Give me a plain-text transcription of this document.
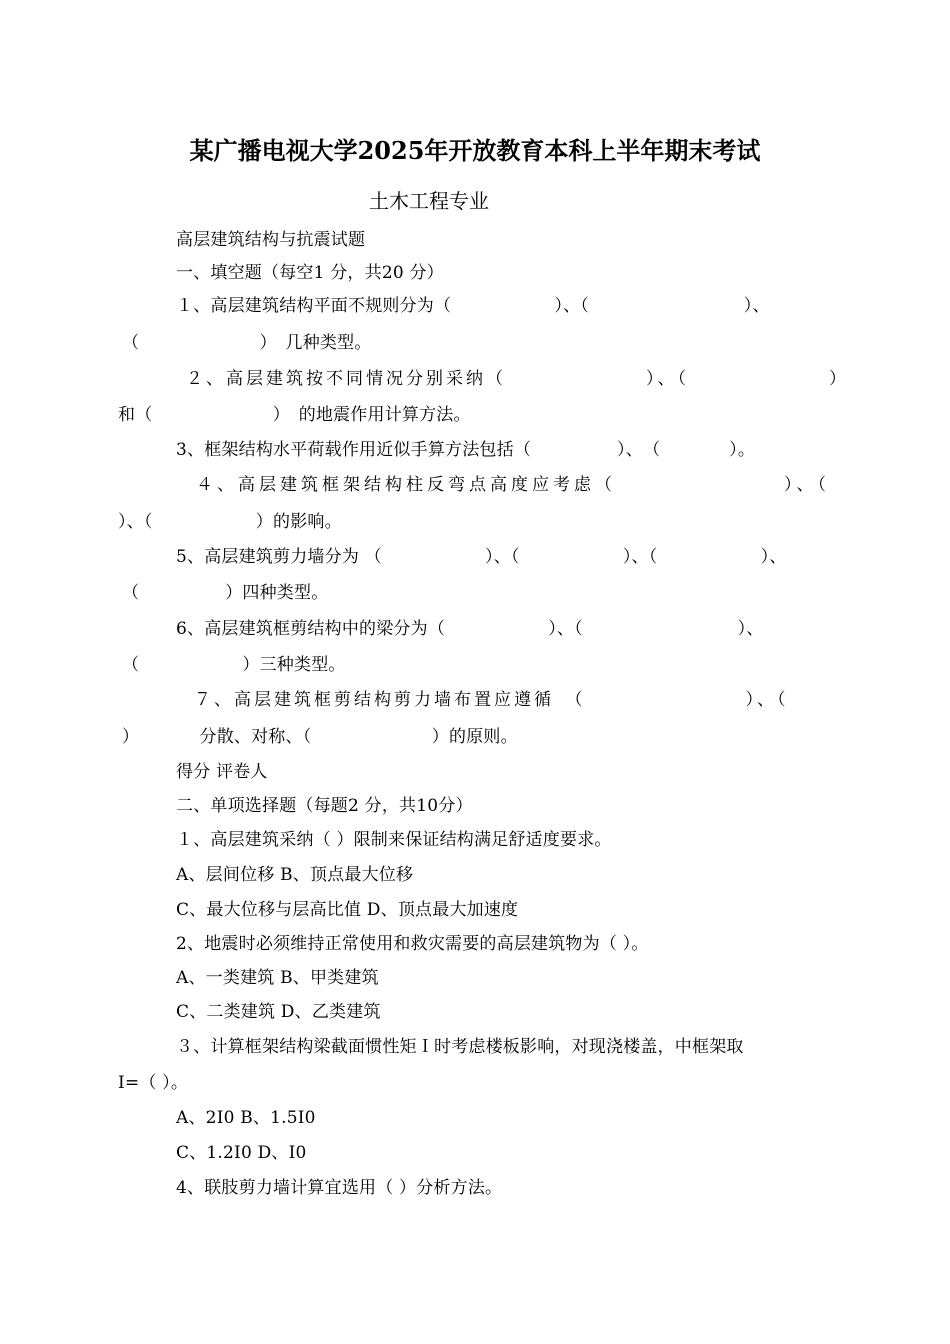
某广播电视大学2025年开放教育本科上半年期末考试
土木工程专业
高层建筑结构与抗震试题
一、填空题（每空1 分，共20 分）
１、高层建筑结构平面不规则分为（　　　　　　）、（　　　　　　　　　）、
（　　　　　　　）　几种类型。
２、高层建筑按不同情况分别采纳（　　　　　　　）、（　　　　　　　）
和（　　　　　　　）　的地震作用计算方法。
3、框架结构水平荷载作用近似手算方法包括（　　　　　）、　（　　　　）。
４、高层建筑框架结构柱反弯点高度应考虑（　　　　　　　　）、（
）、（　　　　　　）的影响。
5、高层建筑剪力墙分为 （　　　　　　）、（　　　　　　）、（　　　　　　）、
（　　　　　）四种类型。
6、高层建筑框剪结构中的梁分为（　　　　　　）、（　　　　　　　　　）、
（　　　　　　）三种类型。
７、高层建筑框剪结构剪力墙布置应遵循　（　　　　　　　　）、（
）　　　　分散、对称、（　　　　　　　）的原则。
得分 评卷人
二、单项选择题（每题2 分，共10分）
１、高层建筑采纳（ ）限制来保证结构满足舒适度要求。
A、层间位移 B、顶点最大位移
C、最大位移与层高比值 D、顶点最大加速度
2、地震时必须维持正常使用和救灾需要的高层建筑物为（ ）。
A、一类建筑 B、甲类建筑
C、二类建筑 D、乙类建筑
３、计算框架结构梁截面惯性矩Ｉ时考虑楼板影响，对现浇楼盖，中框架取
I=（ ）。
A、2I0 B、1.5I0
C、1.2I0 D、I0
4、联肢剪力墙计算宜选用（ ）分析方法。
